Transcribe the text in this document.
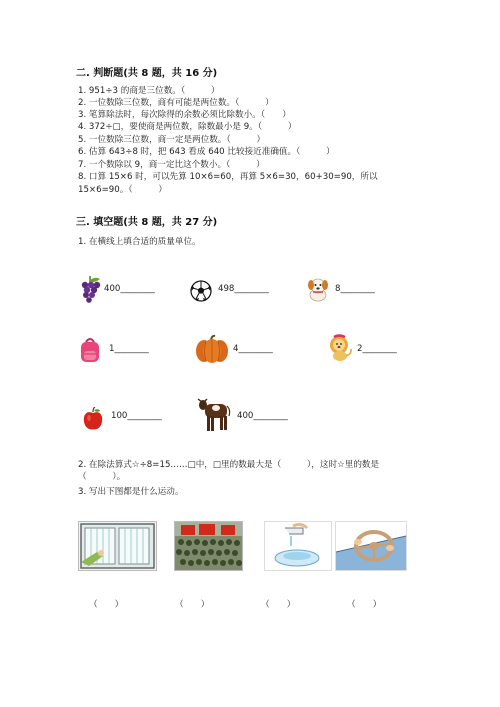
二. 判断题(共 8 题，共 16 分)
1. 951÷3 的商是三位数。（　　　）
2. 一位数除三位数，商有可能是两位数。（　　　）
3. 笔算除法时，每次除得的余数必须比除数小。（　　）
4. 372÷□，要使商是两位数，除数最小是 9。（　　　）
5. 一位数除三位数，商一定是两位数。（　　　）
6. 估算 643÷8 时，把 643 看成 640 比较接近准确值。（　　　）
7. 一个数除以 9，商一定比这个数小。（　　　）
8. 口算 15×6 时，可以先算 10×6=60，再算 5×6=30，60+30=90，所以
15×6=90。（　　　）
三. 填空题(共 8 题，共 27 分)
1. 在横线上填合适的质量单位。
400________	498________	8________
1________	4________	2________
100________	400________
2. 在除法算式☆÷8=15……□中，□里的数最大是（　　　），这时☆里的数是
（　　　）。
3. 写出下图都是什么运动。
（　　）	（　　）	（　　）	（　　）
